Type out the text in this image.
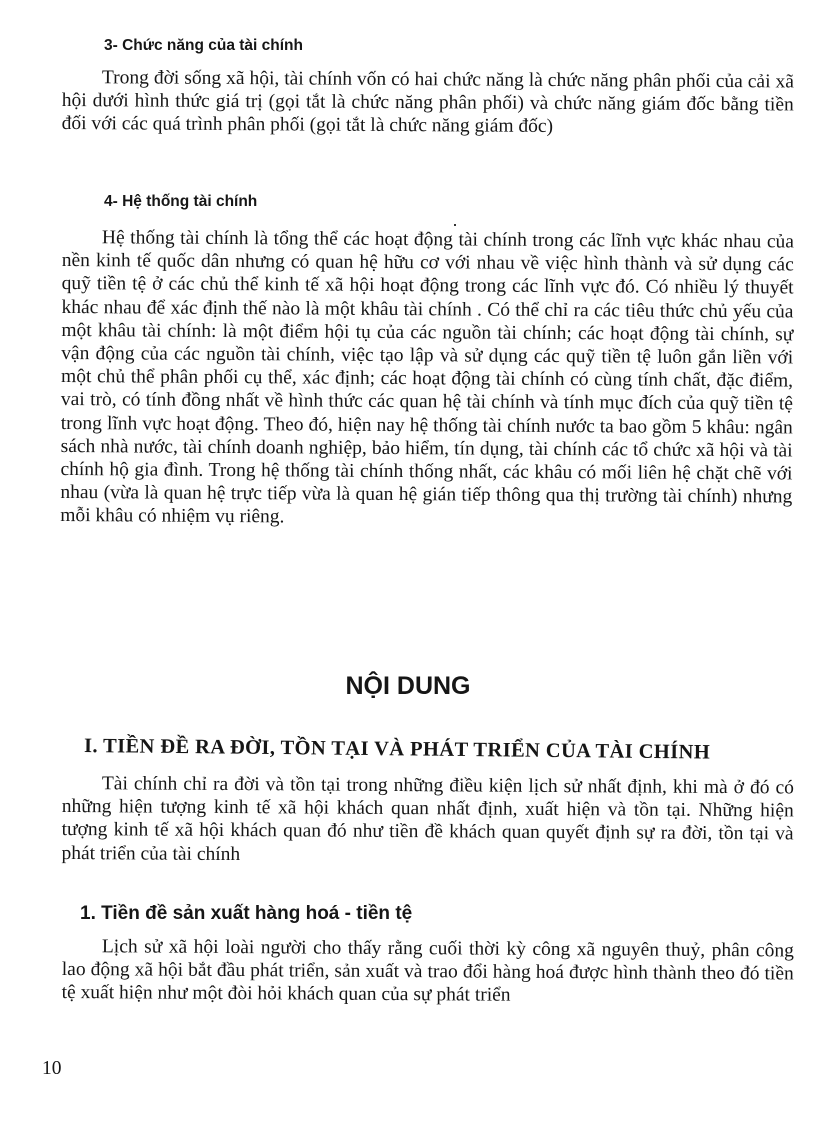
3- Chức năng của tài chính
Trong đời sống xã hội, tài chính vốn có hai chức năng là chức năng phân phối của cải xã hội dưới hình thức giá trị (gọi tắt là chức năng phân phối) và chức năng giám đốc bằng tiền đối với các quá trình phân phối (gọi tắt là chức năng giám đốc)
4- Hệ thống tài chính
Hệ thống tài chính là tổng thể các hoạt động tài chính trong các lĩnh vực khác nhau của nền kinh tế quốc dân nhưng có quan hệ hữu cơ với nhau về việc hình thành và sử dụng các quỹ tiền tệ ở các chủ thể kinh tế xã hội hoạt động trong các lĩnh vực đó. Có nhiều lý thuyết khác nhau để xác định thế nào là một khâu tài chính . Có thể chỉ ra các tiêu thức chủ yếu của một khâu tài chính: là một điểm hội tụ của các nguồn tài chính; các hoạt động tài chính, sự vận động của các nguồn tài chính, việc tạo lập và sử dụng các quỹ tiền tệ luôn gắn liền với một chủ thể phân phối cụ thể, xác định; các hoạt động tài chính có cùng tính chất, đặc điểm, vai trò, có tính đồng nhất về hình thức các quan hệ tài chính và tính mục đích của quỹ tiền tệ trong lĩnh vực hoạt động. Theo đó, hiện nay hệ thống tài chính nước ta bao gồm 5 khâu: ngân sách nhà nước, tài chính doanh nghiệp, bảo hiểm, tín dụng, tài chính các tổ chức xã hội và tài chính hộ gia đình. Trong hệ thống tài chính thống nhất, các khâu có mối liên hệ chặt chẽ với nhau (vừa là quan hệ trực tiếp vừa là quan hệ gián tiếp thông qua thị trường tài chính) nhưng mỗi khâu có nhiệm vụ riêng.
NỘI DUNG
I. TIỀN ĐỀ RA ĐỜI, TỒN TẠI VÀ PHÁT TRIỂN CỦA TÀI CHÍNH
Tài chính chỉ ra đời và tồn tại trong những điều kiện lịch sử nhất định, khi mà ở đó có những hiện tượng kinh tế xã hội khách quan nhất định, xuất hiện và tồn tại. Những hiện tượng kinh tế xã hội khách quan đó như tiền đề khách quan quyết định sự ra đời, tồn tại và phát triển của tài chính
1. Tiền đề sản xuất hàng hoá - tiền tệ
Lịch sử xã hội loài người cho thấy rằng cuối thời kỳ công xã nguyên thuỷ, phân công lao động xã hội bắt đầu phát triển, sản xuất và trao đổi hàng hoá được hình thành theo đó tiền tệ xuất hiện như một đòi hỏi khách quan của sự phát triển
10
